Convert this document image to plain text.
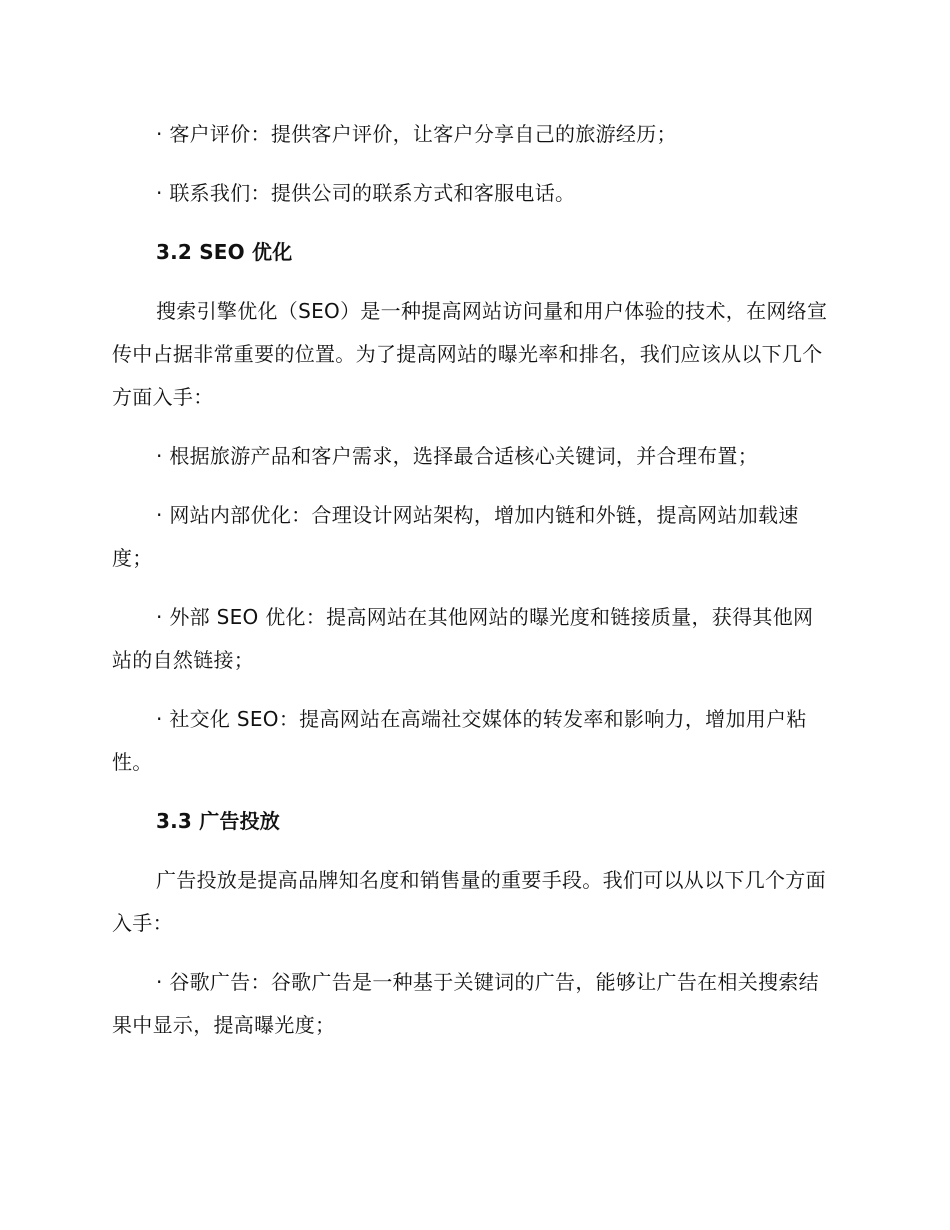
· 客户评价：提供客户评价，让客户分享自己的旅游经历；

· 联系我们：提供公司的联系方式和客服电话。

3.2 SEO 优化

搜索引擎优化（SEO）是一种提高网站访问量和用户体验的技术，在网络宣传中占据非常重要的位置。为了提高网站的曝光率和排名，我们应该从以下几个方面入手：

· 根据旅游产品和客户需求，选择最合适核心关键词，并合理布置；

· 网站内部优化：合理设计网站架构，增加内链和外链，提高网站加载速度；

· 外部 SEO 优化：提高网站在其他网站的曝光度和链接质量，获得其他网站的自然链接；

· 社交化 SEO：提高网站在高端社交媒体的转发率和影响力，增加用户粘性。

3.3 广告投放

广告投放是提高品牌知名度和销售量的重要手段。我们可以从以下几个方面入手：

· 谷歌广告：谷歌广告是一种基于关键词的广告，能够让广告在相关搜索结果中显示，提高曝光度；
